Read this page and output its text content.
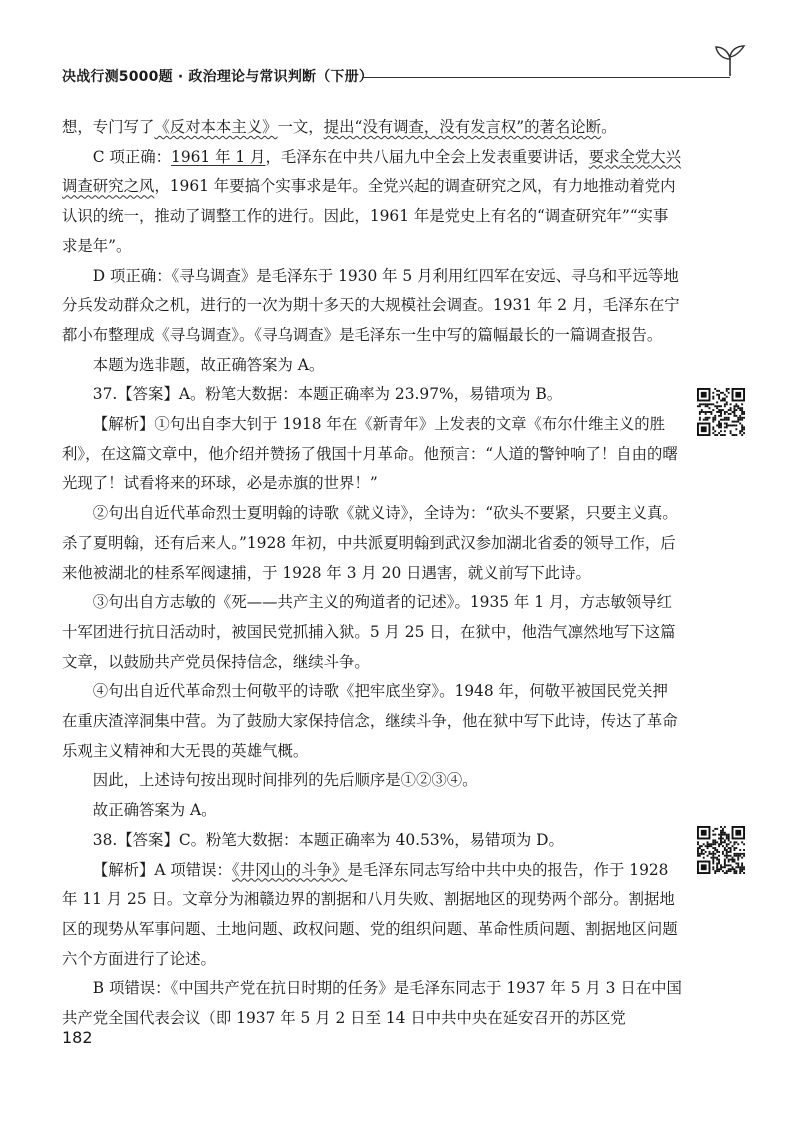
决战行测5000题 · 政治理论与常识判断（下册）

想，专门写了《反对本本主义》一文，提出“没有调查，没有发言权”的著名论断。

C 项正确：1961 年 1 月，毛泽东在中共八届九中全会上发表重要讲话，要求全党大兴调查研究之风，1961 年要搞个实事求是年。全党兴起的调查研究之风，有力地推动着党内认识的统一，推动了调整工作的进行。因此，1961 年是党史上有名的“调查研究年”“实事求是年”。

D 项正确：《寻乌调查》是毛泽东于 1930 年 5 月利用红四军在安远、寻乌和平远等地分兵发动群众之机，进行的一次为期十多天的大规模社会调查。1931 年 2 月，毛泽东在宁都小布整理成《寻乌调查》。《寻乌调查》是毛泽东一生中写的篇幅最长的一篇调查报告。

本题为选非题，故正确答案为 A。

37.【答案】A。粉笔大数据：本题正确率为 23.97%，易错项为 B。

【解析】①句出自李大钊于 1918 年在《新青年》上发表的文章《布尔什维主义的胜利》，在这篇文章中，他介绍并赞扬了俄国十月革命。他预言：“人道的警钟响了！自由的曙光现了！试看将来的环球，必是赤旗的世界！”

②句出自近代革命烈士夏明翰的诗歌《就义诗》，全诗为：“砍头不要紧，只要主义真。杀了夏明翰，还有后来人。”1928 年初，中共派夏明翰到武汉参加湖北省委的领导工作，后来他被湖北的桂系军阀逮捕，于 1928 年 3 月 20 日遇害，就义前写下此诗。

③句出自方志敏的《死——共产主义的殉道者的记述》。1935 年 1 月，方志敏领导红十军团进行抗日活动时，被国民党抓捕入狱。5 月 25 日，在狱中，他浩气凛然地写下这篇文章，以鼓励共产党员保持信念，继续斗争。

④句出自近代革命烈士何敬平的诗歌《把牢底坐穿》。1948 年，何敬平被国民党关押在重庆渣滓洞集中营。为了鼓励大家保持信念，继续斗争，他在狱中写下此诗，传达了革命乐观主义精神和大无畏的英雄气概。

因此，上述诗句按出现时间排列的先后顺序是①②③④。

故正确答案为 A。

38.【答案】C。粉笔大数据：本题正确率为 40.53%，易错项为 D。

【解析】A 项错误：《井冈山的斗争》是毛泽东同志写给中共中央的报告，作于 1928 年 11 月 25 日。文章分为湘赣边界的割据和八月失败、割据地区的现势两个部分。割据地区的现势从军事问题、土地问题、政权问题、党的组织问题、革命性质问题、割据地区问题六个方面进行了论述。

B 项错误：《中国共产党在抗日时期的任务》是毛泽东同志于 1937 年 5 月 3 日在中国共产党全国代表会议（即 1937 年 5 月 2 日至 14 日中共中央在延安召开的苏区党

182
